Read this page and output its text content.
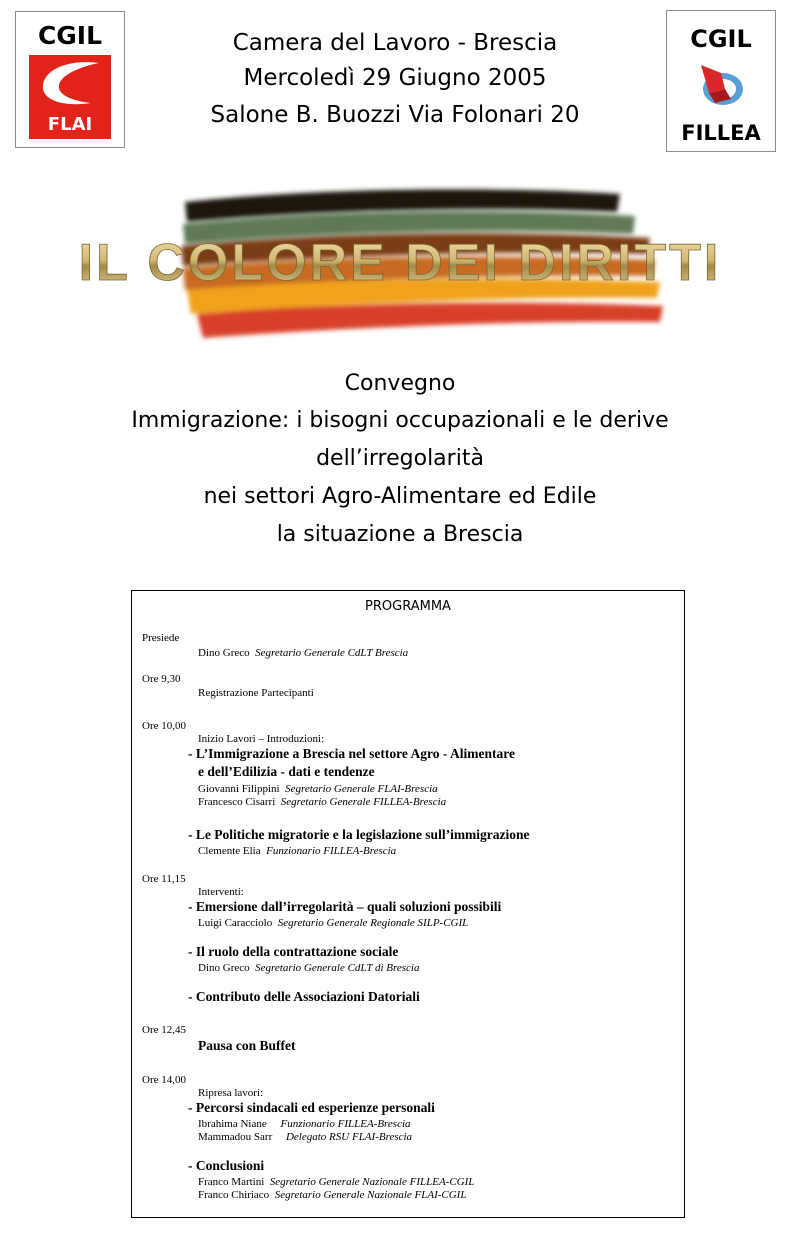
CGIL
FLAI
Camera del Lavoro - Brescia
Mercoledì 29 Giugno 2005
Salone B. Buozzi Via Folonari 20
CGIL
FILLEA
IL COLORE DEI DIRITTI
Convegno
Immigrazione: i bisogni occupazionali e le derive
dell’irregolarità
nei settori Agro-Alimentare ed Edile
la situazione a Brescia
PROGRAMMA
Presiede
Dino Greco Segretario Generale CdLT Brescia
Ore 9,30
Registrazione Partecipanti
Ore 10,00
Inizio Lavori – Introduzioni:
- L’Immigrazione a Brescia nel settore Agro - Alimentare
e dell’Edilizia - dati e tendenze
Giovanni Filippini Segretario Generale FLAI-Brescia
Francesco Cisarri Segretario Generale FILLEA-Brescia
- Le Politiche migratorie e la legislazione sull’immigrazione
Clemente Elia Funzionario FILLEA-Brescia
Ore 11,15
Interventi:
- Emersione dall’irregolarità – quali soluzioni possibili
Luigi Caracciolo Segretario Generale Regionale SILP-CGIL
- Il ruolo della contrattazione sociale
Dino Greco Segretario Generale CdLT di Brescia
- Contributo delle Associazioni Datoriali
Ore 12,45
Pausa con Buffet
Ore 14,00
Ripresa lavori:
- Percorsi sindacali ed esperienze personali
Ibrahima Niane Funzionario FILLEA-Brescia
Mammadou Sarr Delegato RSU FLAI-Brescia
- Conclusioni
Franco Martini Segretario Generale Nazionale FILLEA-CGIL
Franco Chiriaco Segretario Generale Nazionale FLAI-CGIL
